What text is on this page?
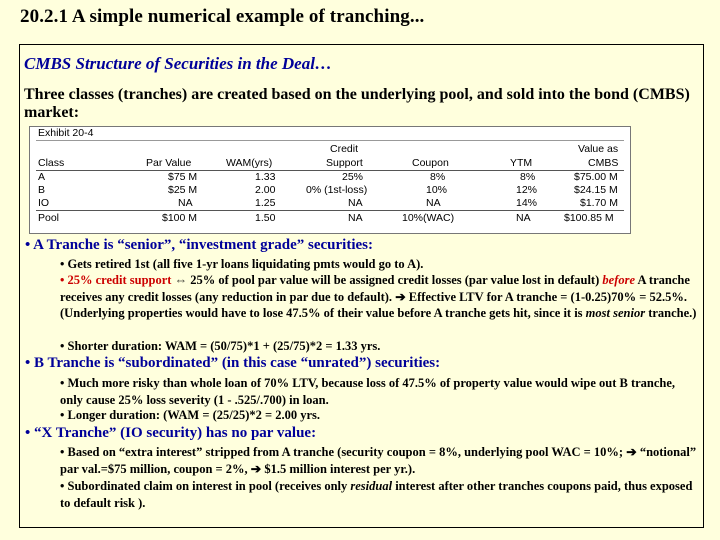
20.2.1 A simple numerical example of tranching...
CMBS Structure of Securities in the Deal…
Three classes (tranches) are created based on the underlying pool, and sold into the bond (CMBS) market:
Exhibit 20-4
Credit	Value as
Class	Par Value	WAM(yrs)	Support	Coupon	YTM	CMBS
A	$75 M	1.33	25%	8%	8%	$75.00 M
B	$25 M	2.00	0% (1st-loss)	10%	12%	$24.15 M
IO	NA	1.25	NA	NA	14%	$1.70 M
Pool	$100 M	1.50	NA	10%(WAC)	NA	$100.85 M
• A Tranche is “senior”, “investment grade” securities:
• Gets retired 1st (all five 1-yr loans liquidating pmts would go to A).
• 25% credit support ⇔ 25% of pool par value will be assigned credit losses (par value lost in default) before A tranche receives any credit losses (any reduction in par due to default). ➔ Effective LTV for A tranche = (1-0.25)70% = 52.5%. (Underlying properties would have to lose 47.5% of their value before A tranche gets hit, since it is most senior tranche.)
• Shorter duration: WAM = (50/75)*1 + (25/75)*2 = 1.33 yrs.
• B Tranche is “subordinated” (in this case “unrated”) securities:
• Much more risky than whole loan of 70% LTV, because loss of 47.5% of property value would wipe out B tranche, only cause 25% loss severity (1 - .525/.700) in loan.
• Longer duration: (WAM = (25/25)*2 = 2.00 yrs.
• “X Tranche” (IO security) has no par value:
• Based on “extra interest” stripped from A tranche (security coupon = 8%, underlying pool WAC = 10%; ➔ “notional” par val.=$75 million, coupon = 2%, ➔ $1.5 million interest per yr.).
• Subordinated claim on interest in pool (receives only residual interest after other tranches coupons paid, thus exposed to default risk ).
